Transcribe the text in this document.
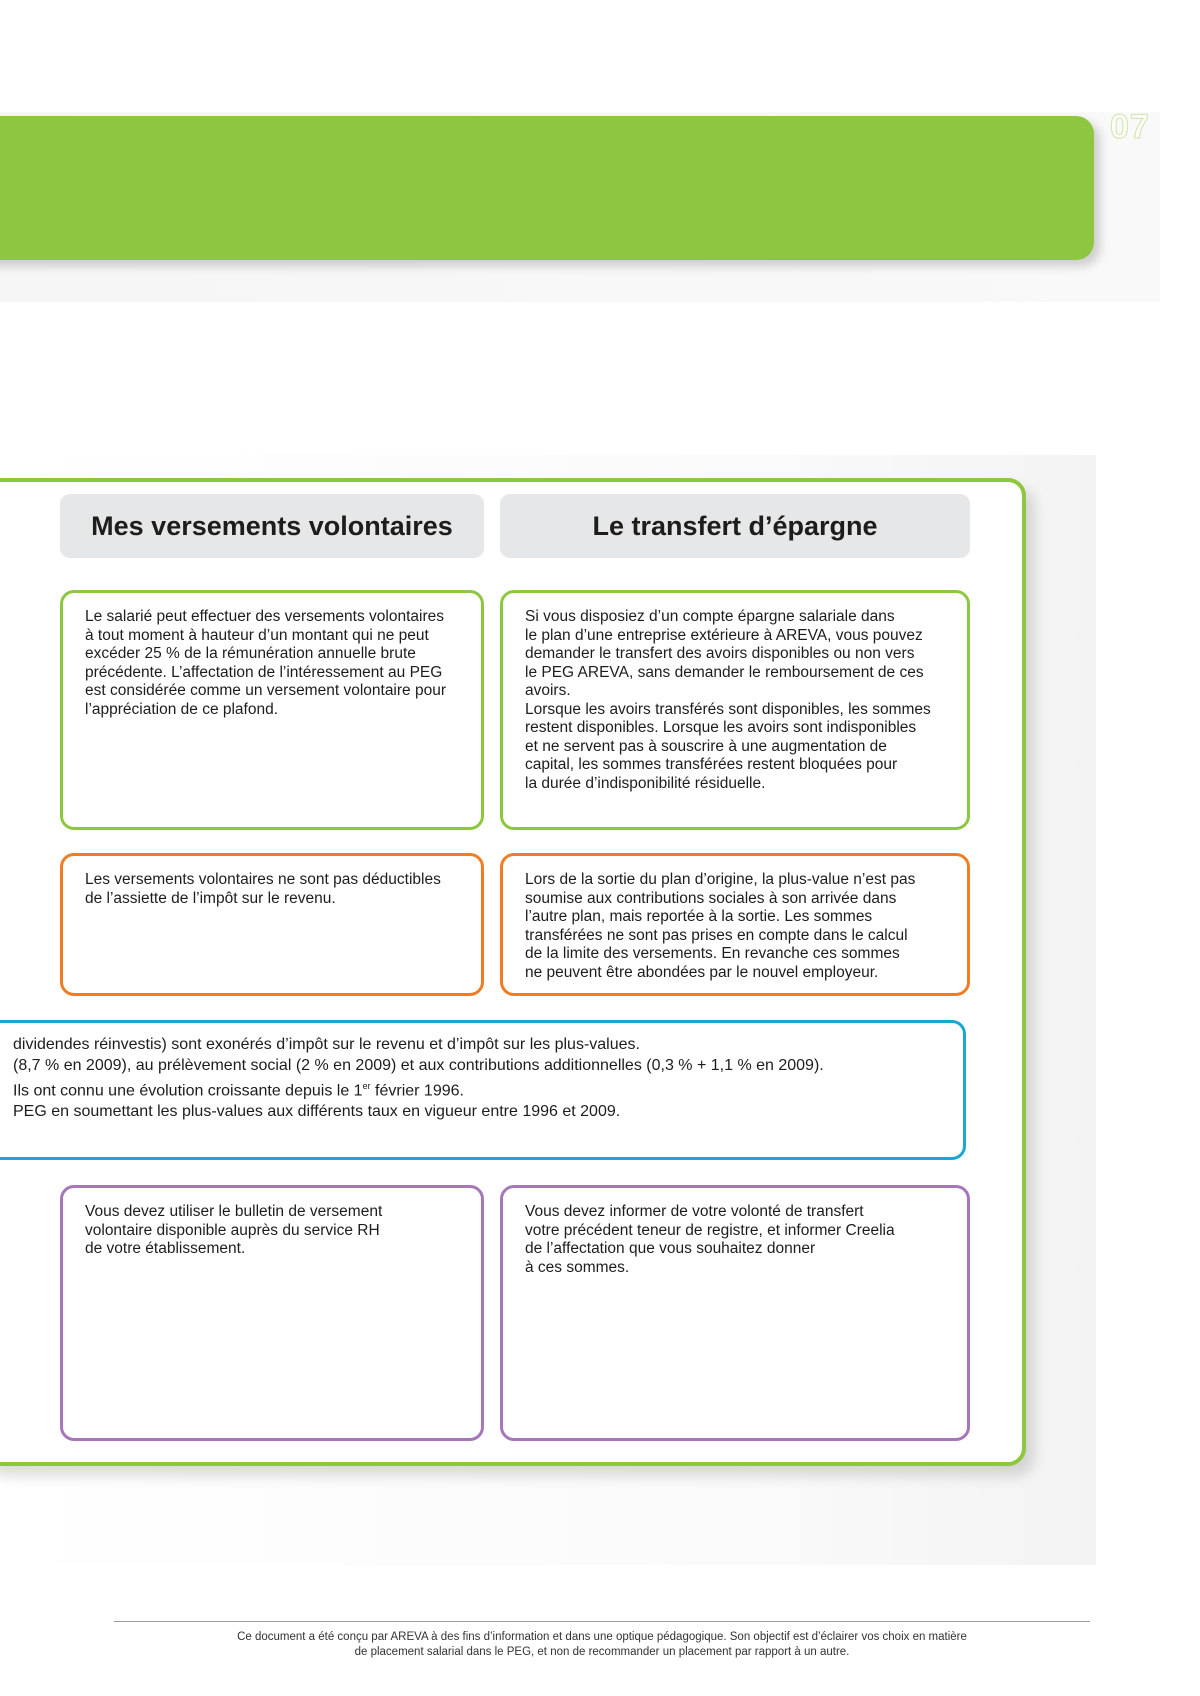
07
Mes versements volontaires	Le transfert d’épargne

Le salarié peut effectuer des versements volontaires

à tout moment à hauteur d’un montant qui ne peut

excéder 25 % de la rémunération annuelle brute

précédente. L’affectation de l’intéressement au PEG

est considérée comme un versement volontaire pour

l’appréciation de ce plafond.

Si vous disposiez d’un compte épargne salariale dans

le plan d’une entreprise extérieure à AREVA, vous pouvez

demander le transfert des avoirs disponibles ou non vers

le PEG AREVA, sans demander le remboursement de ces

avoirs.

Lorsque les avoirs transférés sont disponibles, les sommes

restent disponibles. Lorsque les avoirs sont indisponibles

et ne servent pas à souscrire à une augmentation de

capital, les sommes transférées restent bloquées pour

la durée d’indisponibilité résiduelle.

Les versements volontaires ne sont pas déductibles

de l’assiette de l’impôt sur le revenu.

Lors de la sortie du plan d’origine, la plus-value n’est pas

soumise aux contributions sociales à son arrivée dans

l’autre plan, mais reportée à la sortie. Les sommes

transférées ne sont pas prises en compte dans le calcul

de la limite des versements. En revanche ces sommes

ne peuvent être abondées par le nouvel employeur.

dividendes réinvestis) sont exonérés d’impôt sur le revenu et d’impôt sur les plus-values.

(8,7 % en 2009), au prélèvement social (2 % en 2009) et aux contributions additionnelles (0,3 % + 1,1 % en 2009).

Ils ont connu une évolution croissante depuis le 1er février 1996.

PEG en soumettant les plus-values aux différents taux en vigueur entre 1996 et 2009.

Vous devez utiliser le bulletin de versement

volontaire disponible auprès du service RH

de votre établissement.

Vous devez informer de votre volonté de transfert

votre précédent teneur de registre, et informer Creelia

de l’affectation que vous souhaitez donner

à ces sommes.

Ce document a été conçu par AREVA à des fins d’information et dans une optique pédagogique. Son objectif est d’éclairer vos choix en matière

de placement salarial dans le PEG, et non de recommander un placement par rapport à un autre.
